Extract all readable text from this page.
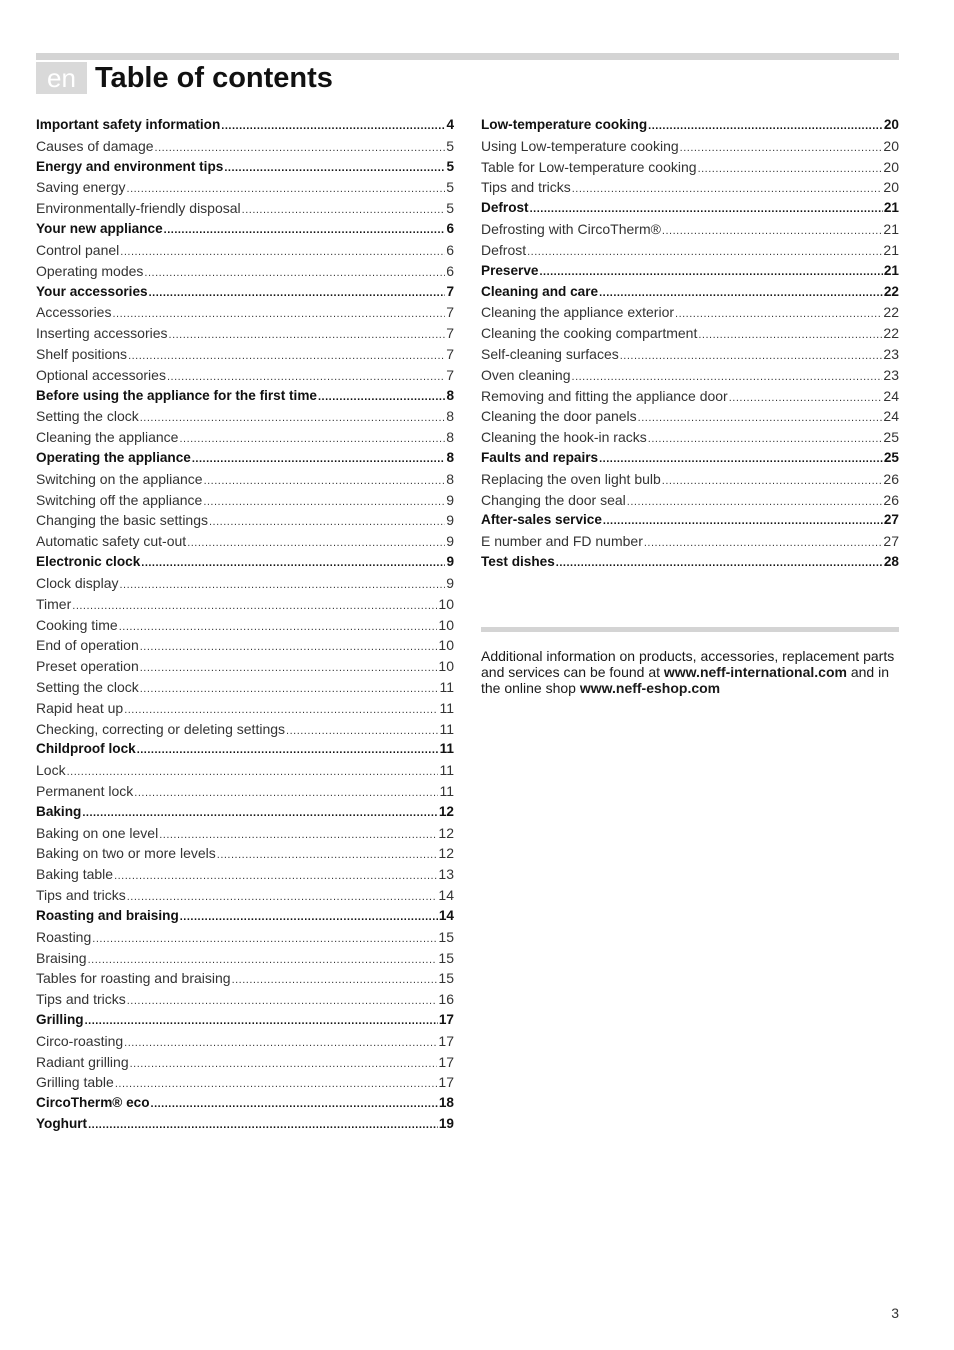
en Table of contents
Important safety information .....	4
Causes of damage .....	5
Energy and environment tips .....	5
Saving energy .....	5
Environmentally-friendly disposal .....	5
Your new appliance .....	6
Control panel .....	6
Operating modes .....	6
Your accessories .....	7
Accessories .....	7
Inserting accessories .....	7
Shelf positions .....	7
Optional accessories .....	7
Before using the appliance for the first time .....	8
Setting the clock .....	8
Cleaning the appliance .....	8
Operating the appliance .....	8
Switching on the appliance .....	8
Switching off the appliance .....	9
Changing the basic settings .....	9
Automatic safety cut-out .....	9
Electronic clock .....	9
Clock display .....	9
Timer .....	10
Cooking time .....	10
End of operation .....	10
Preset operation .....	10
Setting the clock .....	11
Rapid heat up .....	11
Checking, correcting or deleting settings .....	11
Childproof lock .....	11
Lock .....	11
Permanent lock .....	11
Baking .....	12
Baking on one level .....	12
Baking on two or more levels .....	12
Baking table .....	13
Tips and tricks .....	14
Roasting and braising .....	14
Roasting .....	15
Braising .....	15
Tables for roasting and braising .....	15
Tips and tricks .....	16
Grilling .....	17
Circo-roasting .....	17
Radiant grilling .....	17
Grilling table .....	17
CircoTherm® eco .....	18
Yoghurt .....	19
Low-temperature cooking .....	20
Using Low-temperature cooking .....	20
Table for Low-temperature cooking .....	20
Tips and tricks .....	20
Defrost .....	21
Defrosting with CircoTherm® .....	21
Defrost .....	21
Preserve .....	21
Cleaning and care .....	22
Cleaning the appliance exterior .....	22
Cleaning the cooking compartment .....	22
Self-cleaning surfaces .....	23
Oven cleaning .....	23
Removing and fitting the appliance door .....	24
Cleaning the door panels .....	24
Cleaning the hook-in racks .....	25
Faults and repairs .....	25
Replacing the oven light bulb .....	26
Changing the door seal .....	26
After-sales service .....	27
E number and FD number .....	27
Test dishes .....	28
Additional information on products, accessories, replacement parts and services can be found at www.neff-international.com and in the online shop www.neff-eshop.com
3
